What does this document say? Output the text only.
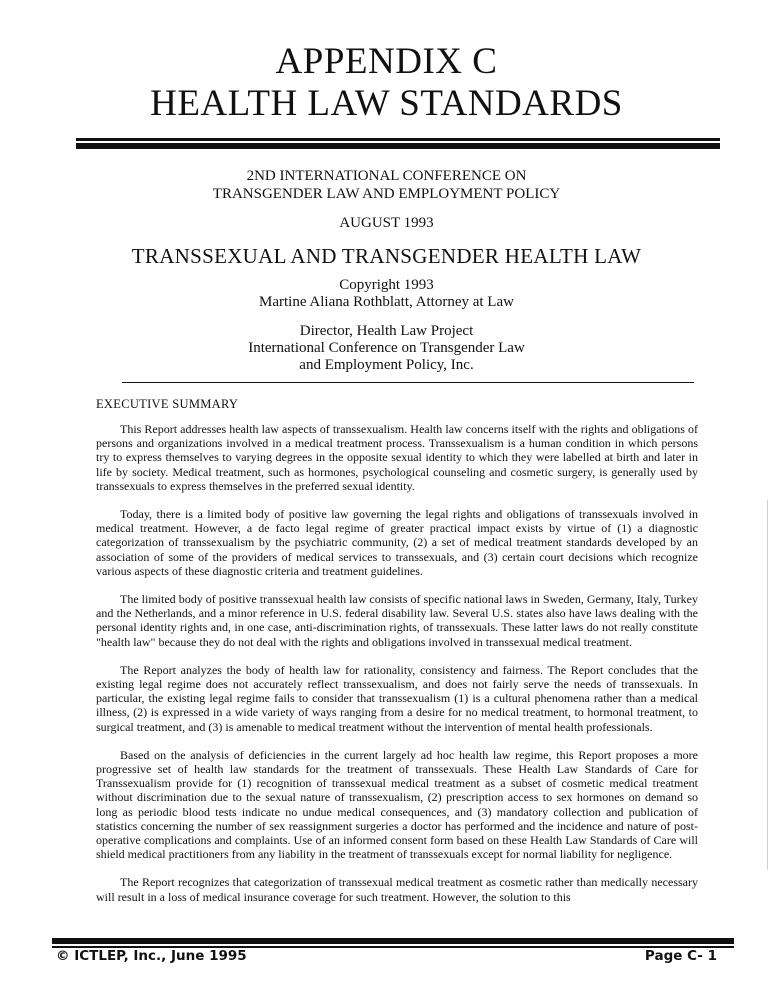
APPENDIX C
HEALTH LAW STANDARDS
2ND INTERNATIONAL CONFERENCE ON
TRANSGENDER LAW AND EMPLOYMENT POLICY
AUGUST 1993
TRANSSEXUAL AND TRANSGENDER HEALTH LAW
Copyright 1993
Martine Aliana Rothblatt, Attorney at Law
Director, Health Law Project
International Conference on Transgender Law
and Employment Policy, Inc.
EXECUTIVE SUMMARY

This Report addresses health law aspects of transsexualism. Health law concerns itself with the rights and obligations of persons and organizations involved in a medical treatment process. Transsexualism is a human condition in which persons try to express themselves to varying degrees in the opposite sexual identity to which they were labelled at birth and later in life by society. Medical treatment, such as hormones, psychological counseling and cosmetic surgery, is generally used by transsexuals to express themselves in the preferred sexual identity.

Today, there is a limited body of positive law governing the legal rights and obligations of transsexuals involved in medical treatment. However, a de facto legal regime of greater practical impact exists by virtue of (1) a diagnostic categorization of transsexualism by the psychiatric community, (2) a set of medical treatment standards developed by an association of some of the providers of medical services to transsexuals, and (3) certain court decisions which recognize various aspects of these diagnostic criteria and treatment guidelines.

The limited body of positive transsexual health law consists of specific national laws in Sweden, Germany, Italy, Turkey and the Netherlands, and a minor reference in U.S. federal disability law. Several U.S. states also have laws dealing with the personal identity rights and, in one case, anti-discrimination rights, of transsexuals. These latter laws do not really constitute "health law" because they do not deal with the rights and obligations involved in transsexual medical treatment.

The Report analyzes the body of health law for rationality, consistency and fairness. The Report concludes that the existing legal regime does not accurately reflect transsexualism, and does not fairly serve the needs of transsexuals. In particular, the existing legal regime fails to consider that transsexualism (1) is a cultural phenomena rather than a medical illness, (2) is expressed in a wide variety of ways ranging from a desire for no medical treatment, to hormonal treatment, to surgical treatment, and (3) is amenable to medical treatment without the intervention of mental health professionals.

Based on the analysis of deficiencies in the current largely ad hoc health law regime, this Report proposes a more progressive set of health law standards for the treatment of transsexuals. These Health Law Standards of Care for Transsexualism provide for (1) recognition of transsexual medical treatment as a subset of cosmetic medical treatment without discrimination due to the sexual nature of transsexualism, (2) prescription access to sex hormones on demand so long as periodic blood tests indicate no undue medical consequences, and (3) mandatory collection and publication of statistics concerning the number of sex reassignment surgeries a doctor has performed and the incidence and nature of post-operative complications and complaints. Use of an informed consent form based on these Health Law Standards of Care will shield medical practitioners from any liability in the treatment of transsexuals except for normal liability for negligence.

The Report recognizes that categorization of transsexual medical treatment as cosmetic rather than medically necessary will result in a loss of medical insurance coverage for such treatment. However, the solution to this

© ICTLEP, Inc., June 1995	Page C- 1
